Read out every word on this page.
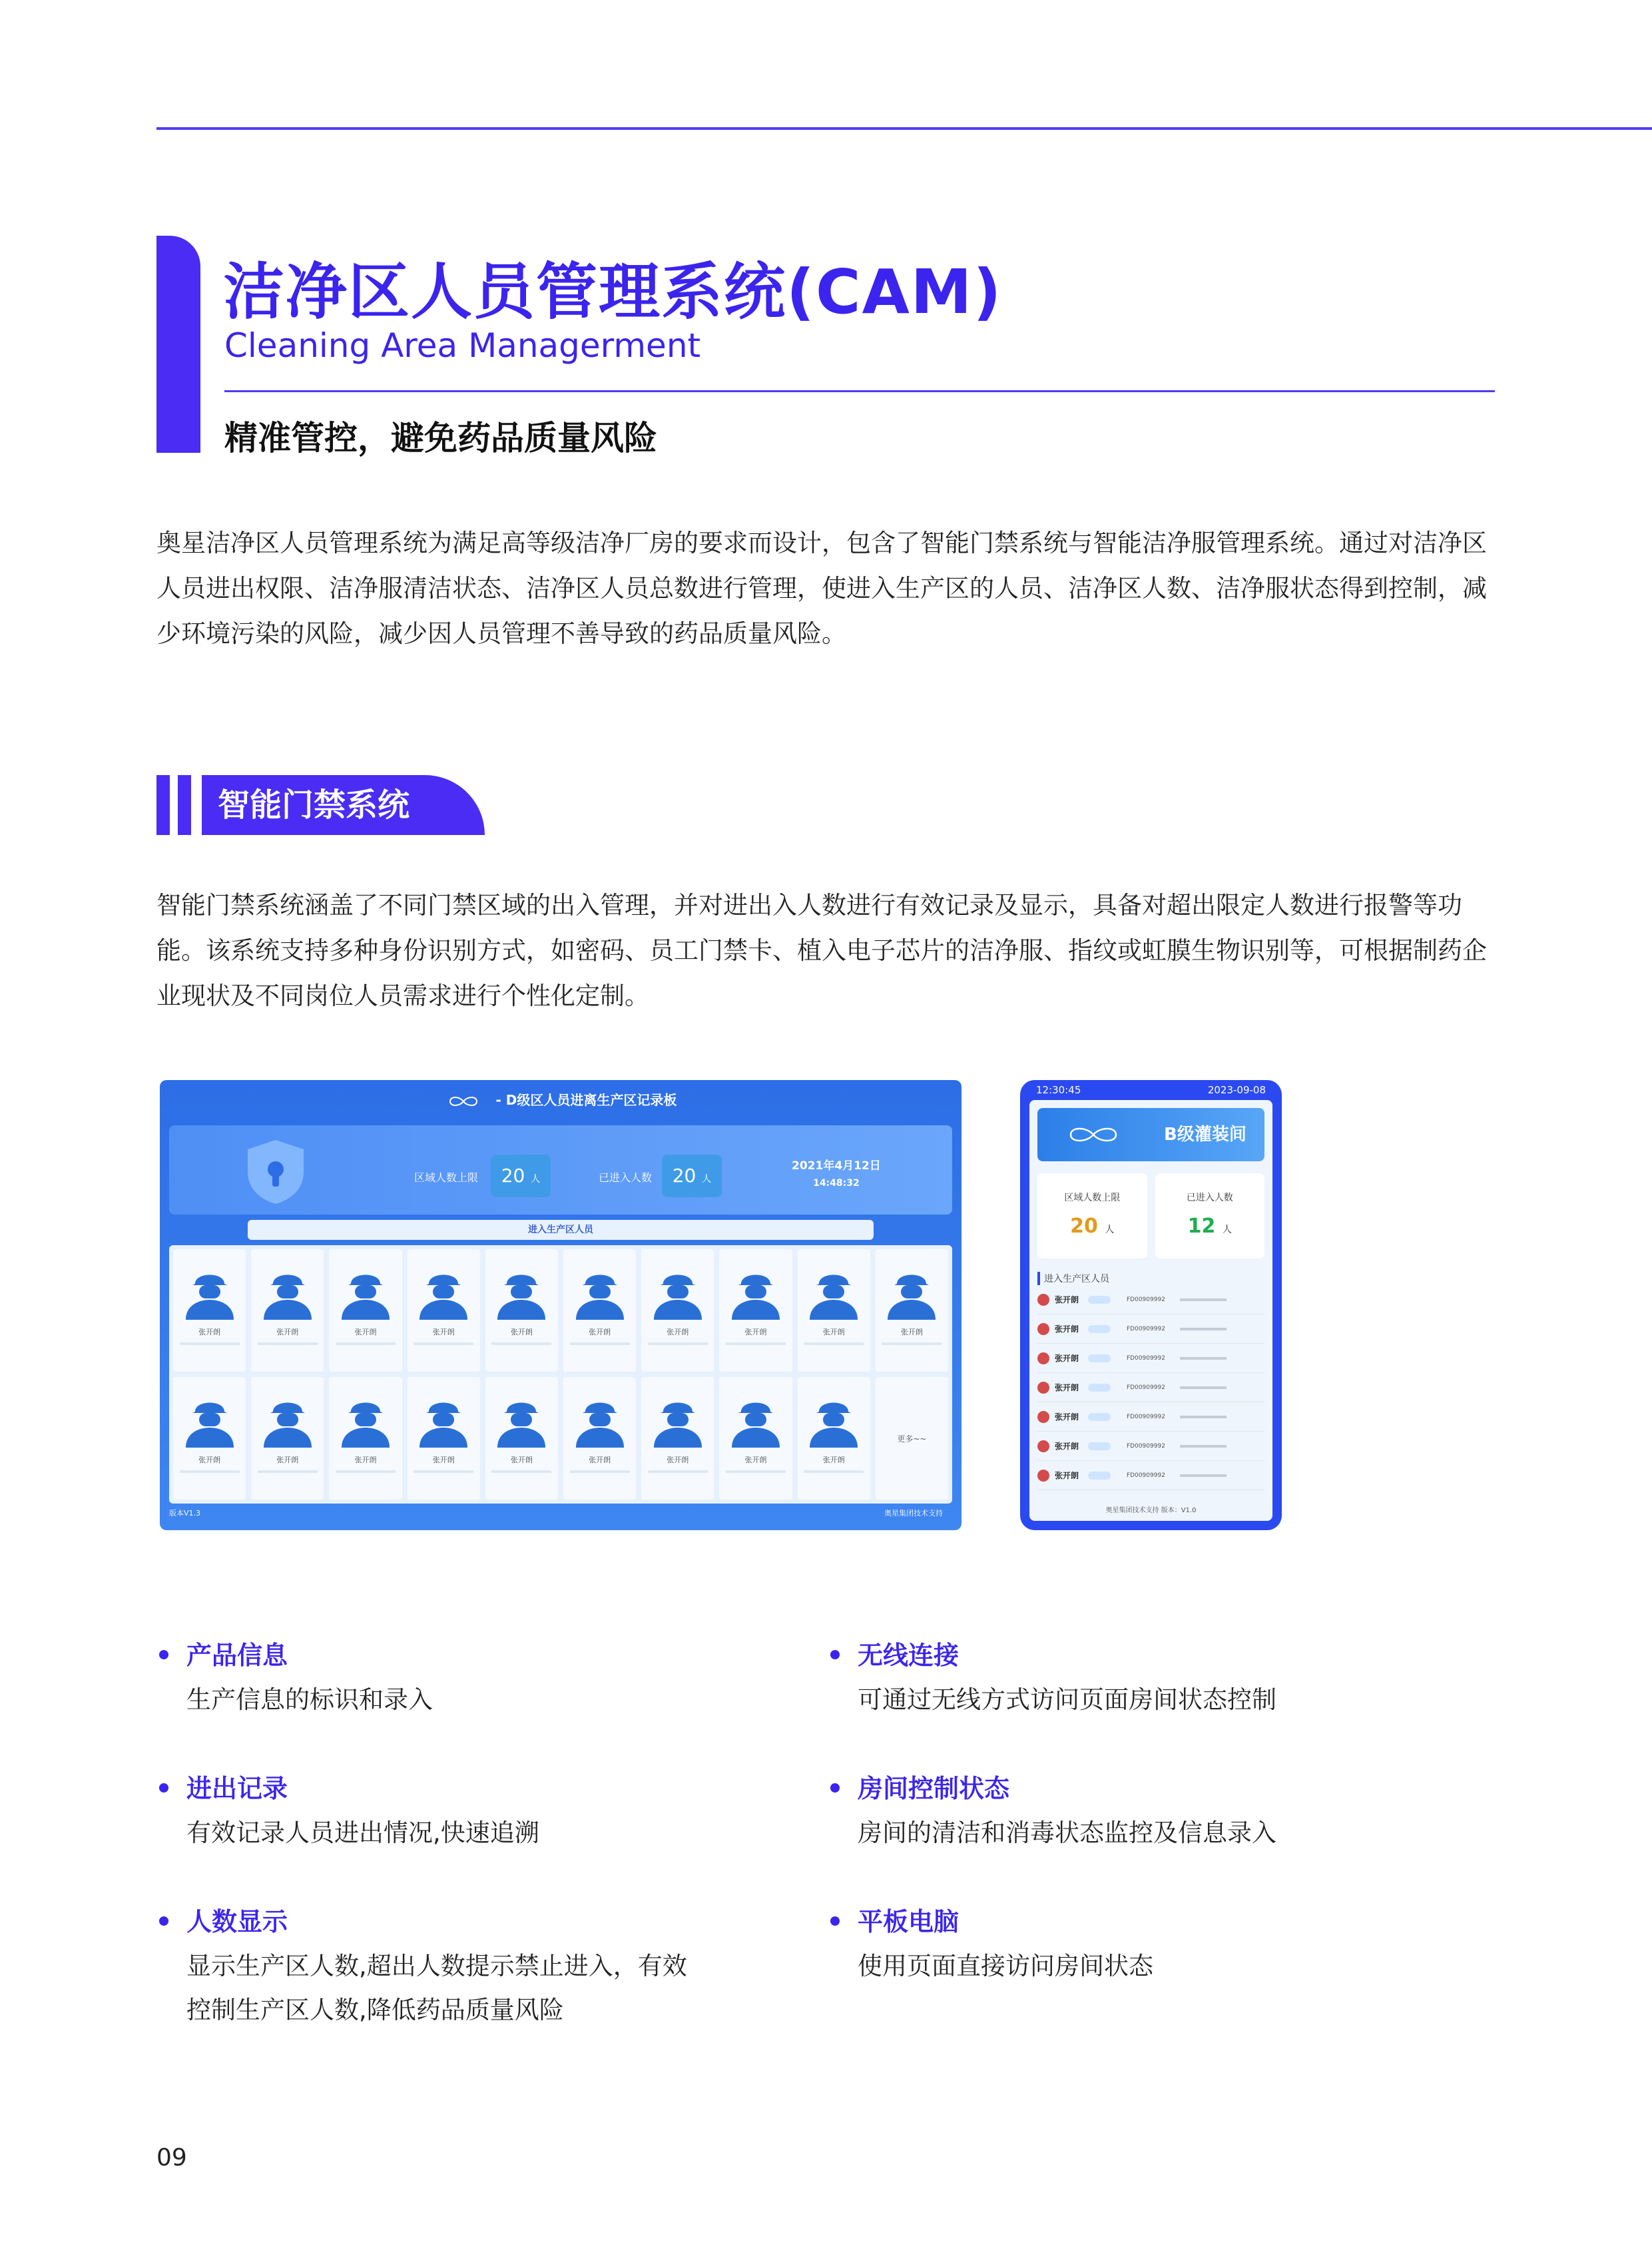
洁净区人员管理系统(CAM)
Cleaning Area Managerment
精准管控，避免药品质量风险

奥星洁净区人员管理系统为满足高等级洁净厂房的要求而设计，包含了智能门禁系统与智能洁净服管理系统。通过对洁净区人员进出权限、洁净服清洁状态、洁净区人员总数进行管理，使进入生产区的人员、洁净区人数、洁净服状态得到控制，减少环境污染的风险，减少因人员管理不善导致的药品质量风险。

智能门禁系统

智能门禁系统涵盖了不同门禁区域的出入管理，并对进出入人数进行有效记录及显示，具备对超出限定人数进行报警等功能。该系统支持多种身份识别方式，如密码、员工门禁卡、植入电子芯片的洁净服、指纹或虹膜生物识别等，可根据制药企业现状及不同岗位人员需求进行个性化定制。

- D级区人员进离生产区记录板
区域人数上限	20 人	已进入人数	20 人
2021年4月12日
14:48:32
进入生产区人员
张开朗	张开朗	张开朗	张开朗	张开朗	张开朗	张开朗	张开朗	张开朗	张开朗
张开朗	张开朗	张开朗	张开朗	张开朗	张开朗	张开朗	张开朗	张开朗
更多~~
版本V1.3	奥星集团技术支持
12:30:45	2023-09-08
B级灌装间
区域人数上限
20 人
已进入人数
12 人
进入生产区人员
张开朗	FD00909992
张开朗	FD00909992
张开朗	FD00909992
张开朗	FD00909992
张开朗	FD00909992
张开朗	FD00909992
张开朗	FD00909992
奥星集团技术支持 版本：V1.0
产品信息
生产信息的标识和录入
无线连接
可通过无线方式访问页面房间状态控制
进出记录
有效记录人员进出情况,快速追溯
房间控制状态
房间的清洁和消毒状态监控及信息录入
人数显示
显示生产区人数,超出人数提示禁止进入，有效控制生产区人数,降低药品质量风险
平板电脑
使用页面直接访问房间状态
09
